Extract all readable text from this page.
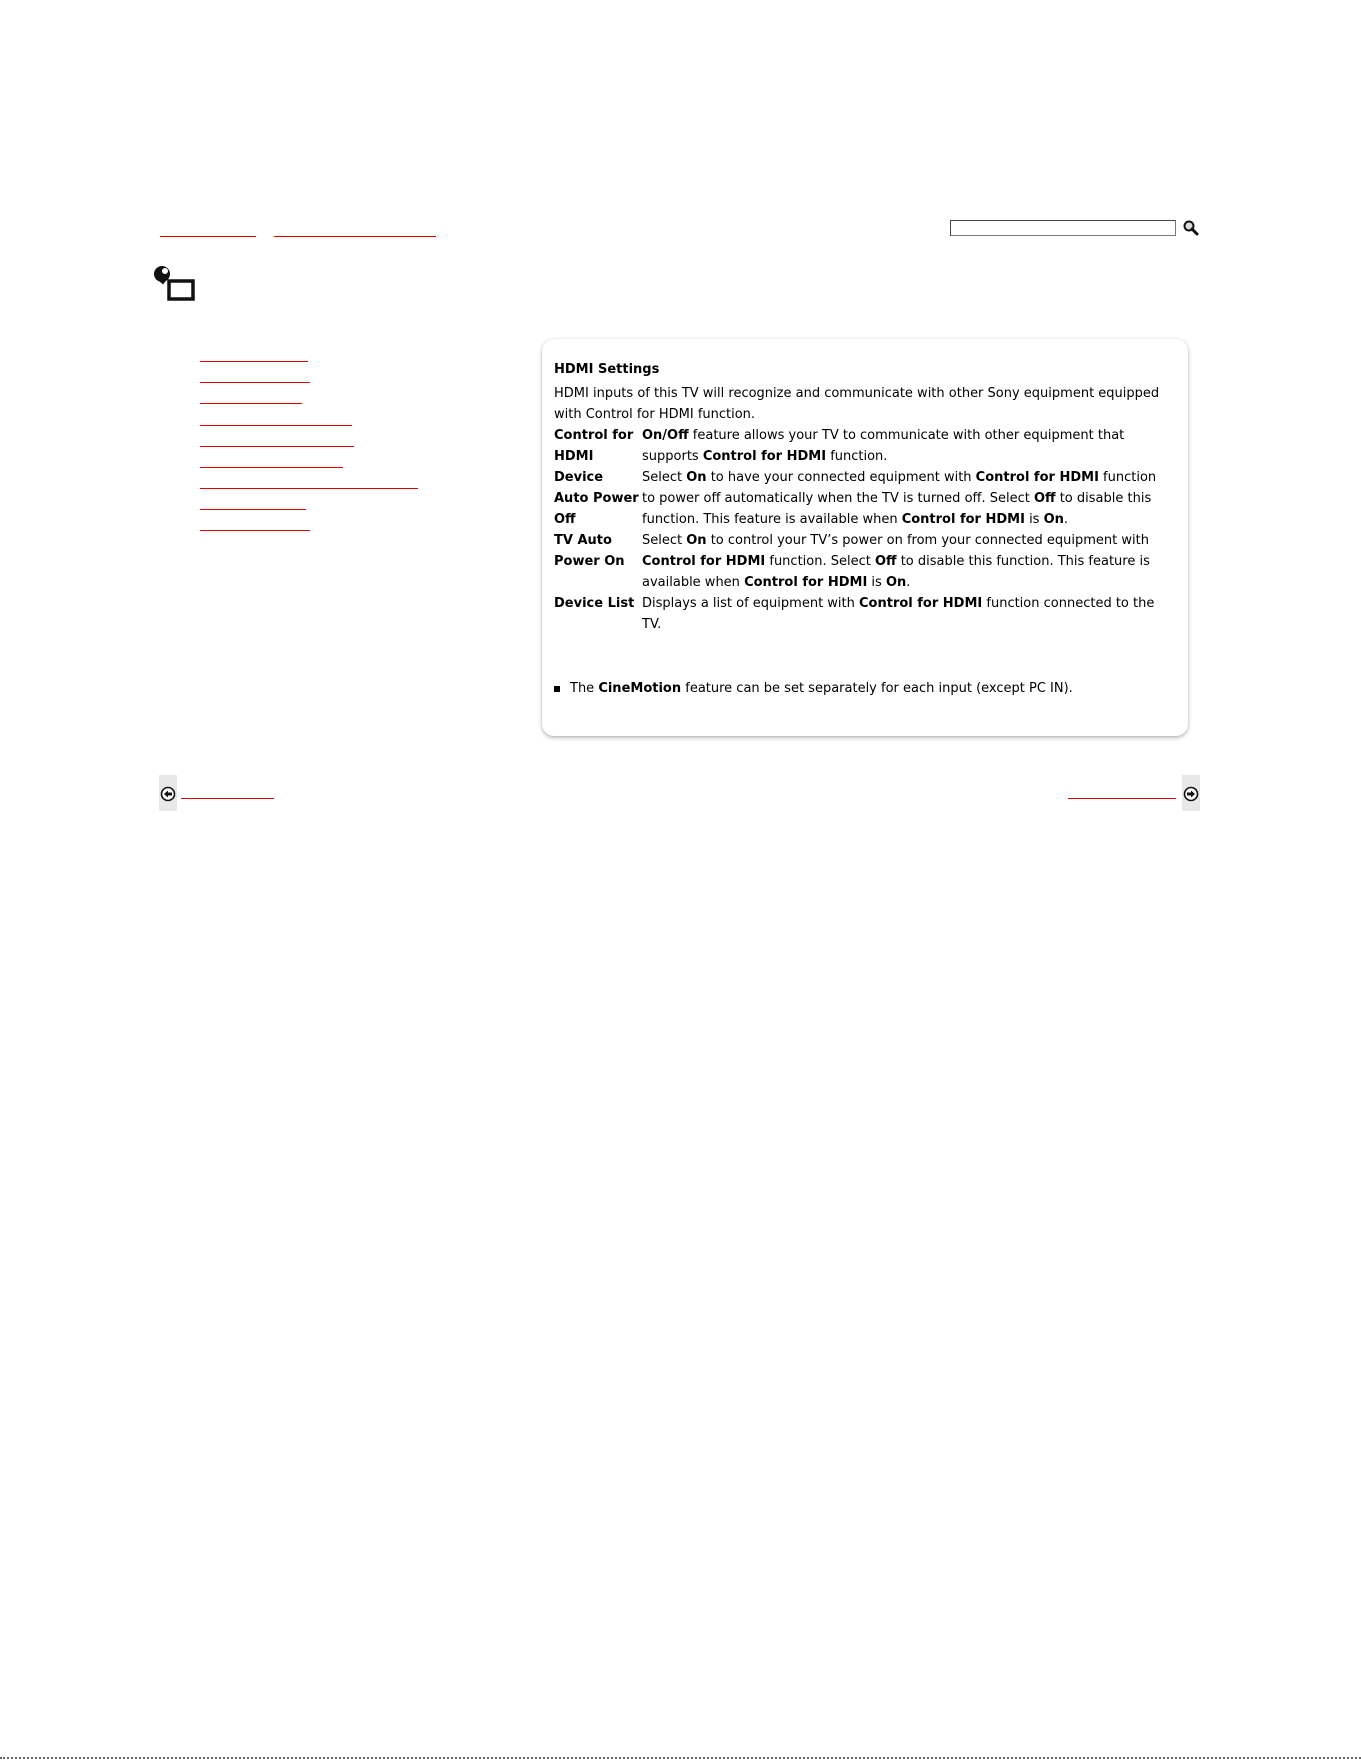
HDMI Settings
HDMI inputs of this TV will recognize and communicate with other Sony equipment equipped with Control for HDMI function.
Control for HDMI
On/Off feature allows your TV to communicate with other equipment that supports Control for HDMI function.
Device Auto Power Off
Select On to have your connected equipment with Control for HDMI function to power off automatically when the TV is turned off. Select Off to disable this function. This feature is available when Control for HDMI is On.
TV Auto Power On
Select On to control your TV’s power on from your connected equipment with Control for HDMI function. Select Off to disable this function. This feature is available when Control for HDMI is On.
Device List Displays a list of equipment with Control for HDMI function connected to the TV.
The CineMotion feature can be set separately for each input (except PC IN).
